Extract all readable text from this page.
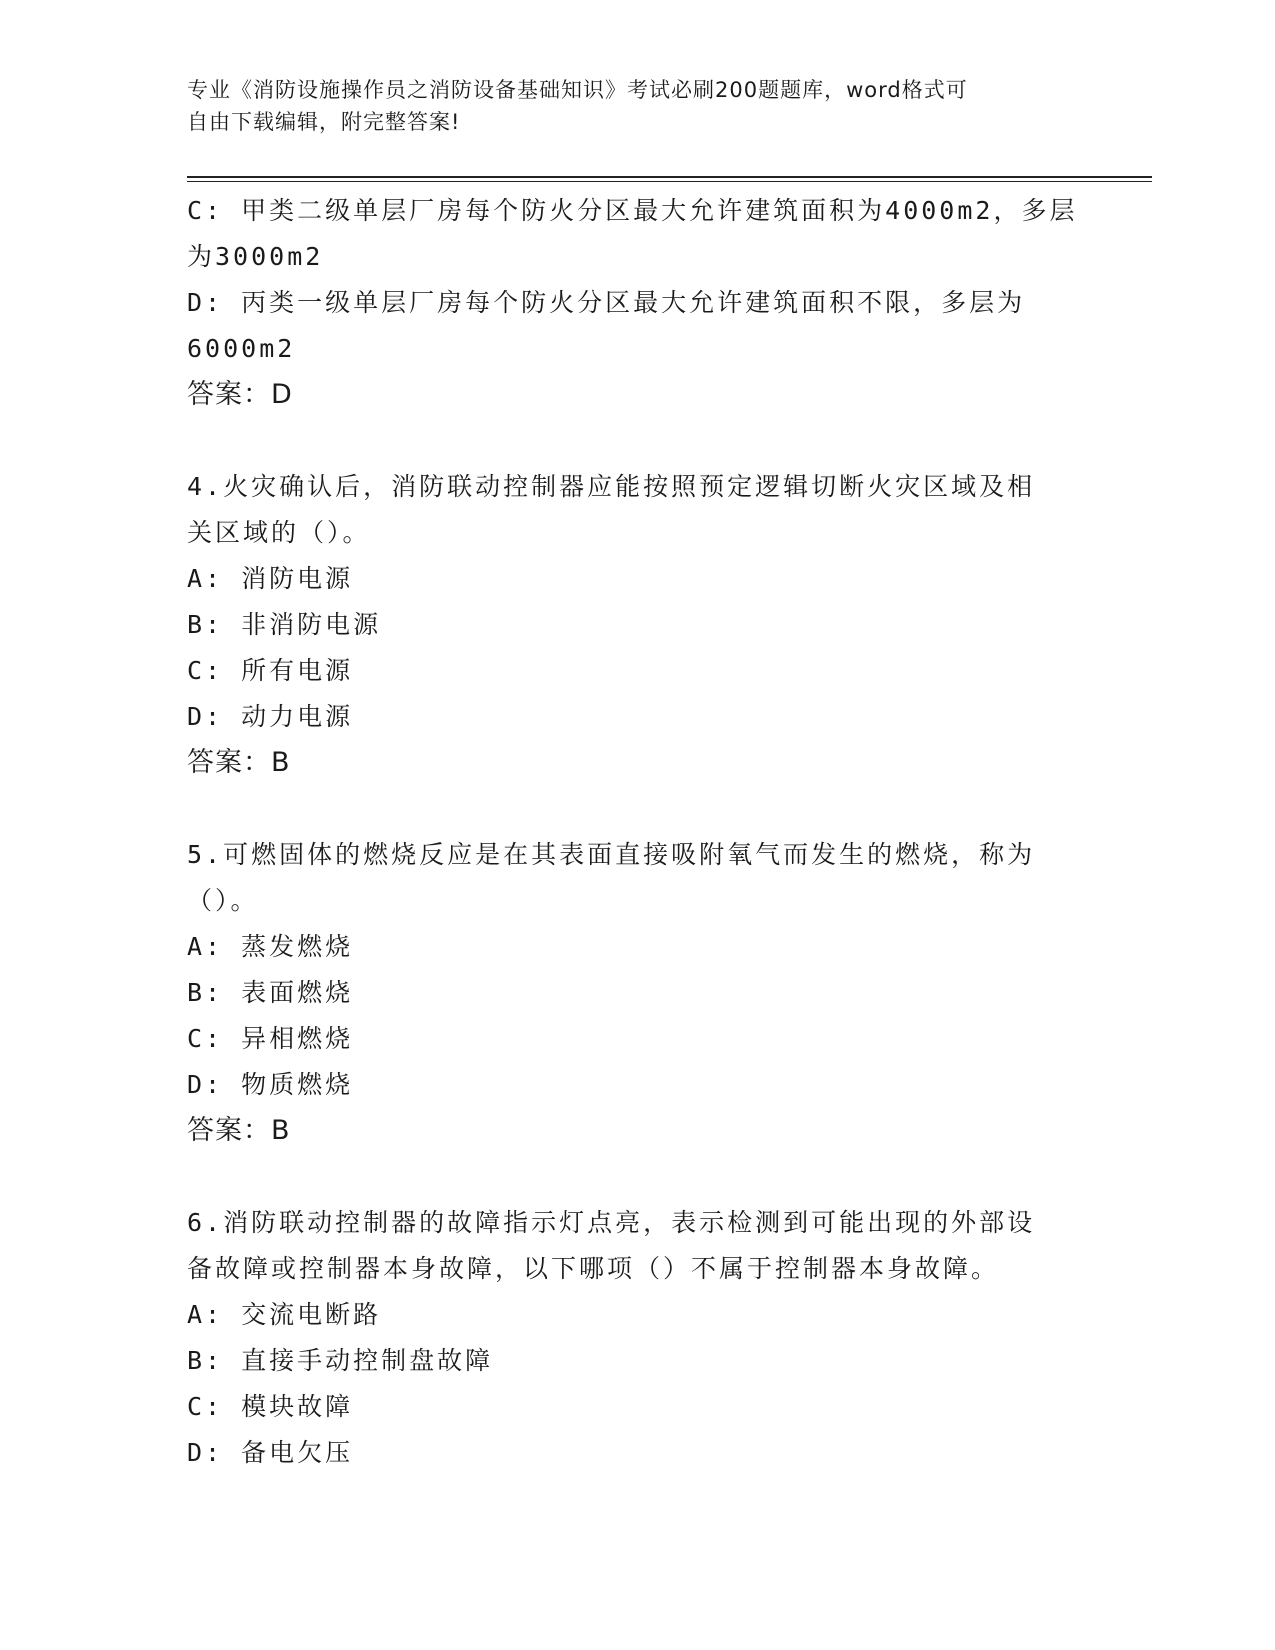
专业《消防设施操作员之消防设备基础知识》考试必刷200题题库，word格式可
自由下载编辑，附完整答案!
C: 甲类二级单层厂房每个防火分区最大允许建筑面积为4000m2，多层
为3000m2
D: 丙类一级单层厂房每个防火分区最大允许建筑面积不限，多层为
6000m2
答案：D
4.火灾确认后，消防联动控制器应能按照预定逻辑切断火灾区域及相
关区域的（）。
A: 消防电源
B: 非消防电源
C: 所有电源
D: 动力电源
答案：B
5.可燃固体的燃烧反应是在其表面直接吸附氧气而发生的燃烧，称为
（）。
A: 蒸发燃烧
B: 表面燃烧
C: 异相燃烧
D: 物质燃烧
答案：B
6.消防联动控制器的故障指示灯点亮，表示检测到可能出现的外部设
备故障或控制器本身故障，以下哪项（）不属于控制器本身故障。
A: 交流电断路
B: 直接手动控制盘故障
C: 模块故障
D: 备电欠压
